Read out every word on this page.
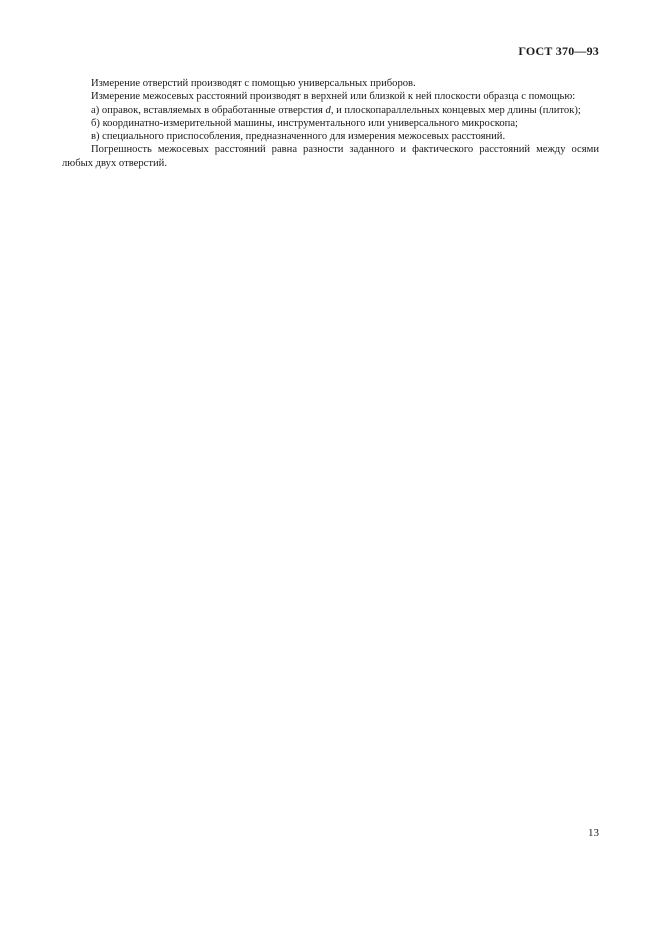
ГОСТ 370—93

Измерение отверстий производят с помощью универсальных приборов.

Измерение межосевых расстояний производят в верхней или близкой к ней плоскости образца с помощью:

а) оправок, вставляемых в обработанные отверстия d, и плоскопараллельных концевых мер длины (плиток);

б) координатно-измерительной машины, инструментального или универсального микроскопа;

в) специального приспособления, предназначенного для измерения межосевых расстояний.

Погрешность межосевых расстояний равна разности заданного и фактического расстояний между осями любых двух отверстий.

13
